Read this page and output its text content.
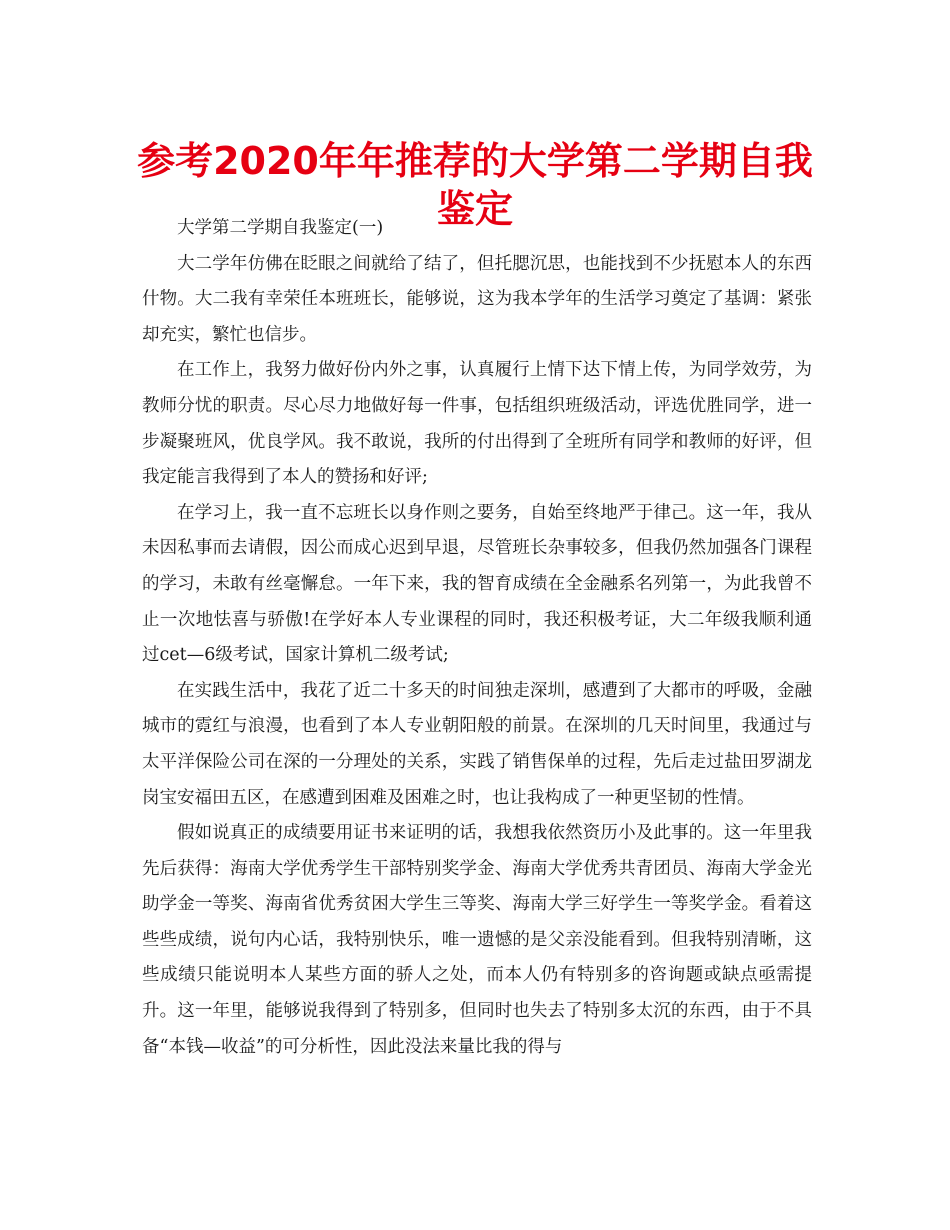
参考2020年年推荐的大学第二学期自我鉴定

大学第二学期自我鉴定(一)

大二学年仿佛在眨眼之间就给了结了，但托腮沉思，也能找到不少抚慰本人的东西什物。大二我有幸荣任本班班长，能够说，这为我本学年的生活学习奠定了基调：紧张却充实，繁忙也信步。

在工作上，我努力做好份内外之事，认真履行上情下达下情上传，为同学效劳，为教师分忧的职责。尽心尽力地做好每一件事，包括组织班级活动，评选优胜同学，进一步凝聚班风，优良学风。我不敢说，我所的付出得到了全班所有同学和教师的好评，但我定能言我得到了本人的赞扬和好评;

在学习上，我一直不忘班长以身作则之要务，自始至终地严于律己。这一年，我从未因私事而去请假，因公而成心迟到早退，尽管班长杂事较多，但我仍然加强各门课程的学习，未敢有丝毫懈怠。一年下来，我的智育成绩在全金融系名列第一，为此我曾不止一次地怯喜与骄傲!在学好本人专业课程的同时，我还积极考证，大二年级我顺利通过cet—6级考试，国家计算机二级考试;

在实践生活中，我花了近二十多天的时间独走深圳，感遭到了大都市的呼吸，金融城市的霓红与浪漫，也看到了本人专业朝阳般的前景。在深圳的几天时间里，我通过与太平洋保险公司在深的一分理处的关系，实践了销售保单的过程，先后走过盐田罗湖龙岗宝安福田五区，在感遭到困难及困难之时，也让我构成了一种更坚韧的性情。

假如说真正的成绩要用证书来证明的话，我想我依然资历小及此事的。这一年里我先后获得：海南大学优秀学生干部特别奖学金、海南大学优秀共青团员、海南大学金光助学金一等奖、海南省优秀贫困大学生三等奖、海南大学三好学生一等奖学金。看着这些些成绩，说句内心话，我特别快乐，唯一遗憾的是父亲没能看到。但我特别清晰，这些成绩只能说明本人某些方面的骄人之处，而本人仍有特别多的咨询题或缺点亟需提升。这一年里，能够说我得到了特别多，但同时也失去了特别多太沉的东西，由于不具备“本钱—收益”的可分析性，因此没法来量比我的得与
